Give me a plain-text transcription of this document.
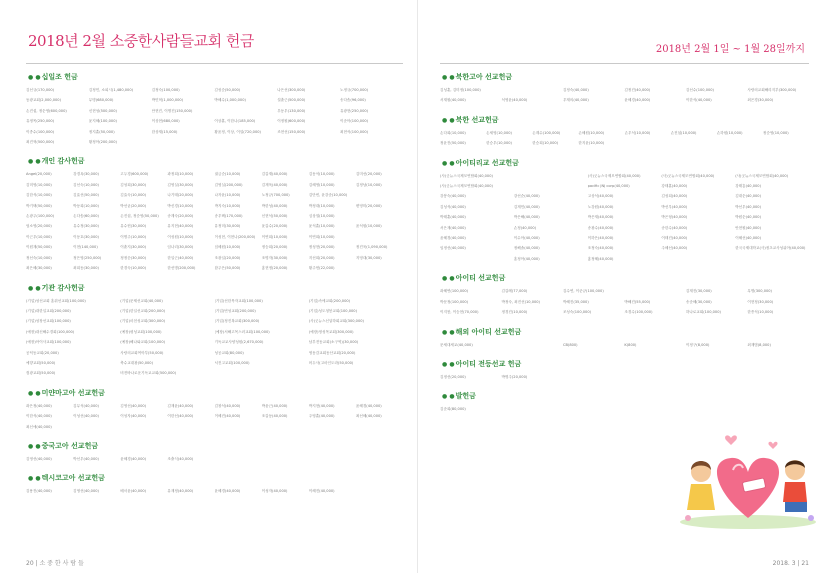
2018년 2월 소중한사람들교회 헌금
● ●십일조 헌금
김선규(170,000)	김정민, 소피시(1,480,000)	김정숙(100,000)	김성순(50,000)	나은선(300,000)	노정규(700,000)
동광교회(2,000,000)	무명(680,000)	박민혁(1,000,000)	박혜수(1,000,000)	설춘근(500,000)	송다솜(96,000)
손진섭, 정순영(600,000)	신현성(500,000)	안현진, 이명진(150,000)	우동우(130,000)	유광현(250,000)
유정목(250,000)	윤지혜(100,000)	이상현(680,000)	이상훈, 이한나(185,000)	이정원(600,000)	이준아(100,000)
이종수(100,000)	정지훈(50,000)	한상재(15,000)	황윤정, 이상, 이설(720,000)	조현선(150,000)	최현석(100,000)
최진혁(500,000)	황정아(200,000)
● ●개인 감사헌금
Angel(20,000)	강경옥(30,000)	고두경(600,000)	곽정희(10,000)	권금순(10,000)	김갑재(40,000)	김동석(10,000)	김미선(20,000)
김미영(10,000)	김선숙(10,000)	김성희(30,000)	김영실(30,000)	김영실(200,000)	김재욱(40,000)	김혜영(10,000)	김정남(10,000)
김한석(10,000)	김효선(50,000)	김효숙(10,000)	나기태(20,000)	나자윤(10,000)	노정규(700,000)	김단빈, 윤강준(10,000)
박기택(50,000)	박동희(10,000)	박선균(20,000)	박신경(10,000)	박지숙(10,000)	박한성(40,000)	박정대(10,000)	변영미(20,000)
손광주(100,000)	손다솜(60,000)	손진섭, 정순영(50,000)	송계숙(20,000)	송우택(170,000)	신현석(50,000)	심상열(10,000)
엄소영(20,000)	유수정(30,000)	유수헌(30,000)	유지현(40,000)	유정미(30,000)	윤갑수(20,000)	윤석훈(10,000)	윤석원(10,000)
이근우(10,000)	이동호(30,000)	이명주(10,000)	이성원(10,000)	이성현, 이현나(200,000)	이연희(10,000)	이연희(10,000)
이원재(50,000)	이현(140,000)	이춘지(30,000)	임나리(30,000)	임혜원(10,000)	정승희(20,000)	정성현(20,000)	정진욱(1,090,000)
정선숙(10,000)	정은영(250,000)	정정순(30,000)	한일근(40,000)	조광일(20,000)	조명자(30,000)	지선희(20,000)	지영대(30,000)
최은혜(30,000)	최희동(30,000)	한경숙(10,000)	한선명(200,000)	함주은(50,000)	홍현정(20,000)	황주헌(22,000)
● ●기관 감사헌금
(기업)성선교회 홍취선교회(100,000)	(기업)문제선교회(40,000)	(기업)선한목자교회(100,000)	(기업)속에교회(200,000)
(기업)대한일교회(200,000)	(기업)한일선교회(200,000)	(기업)번성교회(200,000)	(기업)성도청봉교회(100,000)
(기업)성장선교회(100,000)	(기업)마천성교회(300,000)	(기업)정진복교회(300,000)	(사)굿뉴스신앙하회교회(300,000)
(예장)대신해수경회(100,000)	(예장)평성교회(100,000)	(예장)서해고목스러교회(100,000)	(예장)영성목교회(300,000)
(예장)아이사교회(100,000)	(예장)해나와교회(100,000)	기독교교사양성원(2,670,000)	남부전동교회(소구역)(30,000)
공덕동교회(20,000)	사랑의교회여아부(50,000)	성공교회(80,000)	영동감교회동산교회(20,000)
예향교회(50,000)	축수교대광(50,000)	서진고교회(100,000)	어두사(고마인도라(50,000)
컴광교회(50,000)	비전바나로운기독교교회(500,000)
● ●미얀마고아 선교헌금
곽은정(40,000)	김무석(40,000)	김영선(40,000)	김재윤(40,000)	김창석(40,000)	박윤근(40,000)	박지현(40,000)	윤혜경(40,000)
이한석(40,000)	이성선(40,000)	이성자(40,000)	이한선(40,000)	이혜진(40,000)	조갑동(40,000)	주영훈(40,000)	최선혜(40,000)
최신애(40,000)
● ●중국고아 선교헌금
김영선(40,000)	박선우(40,000)	윤혜경(40,000)	조출식(40,000)
● ●텍시코고아 선교헌금
김용진(40,000)	김영선(40,000)	배서윤(40,000)	유재정(40,000)	윤혜경(40,000)	이성자(40,000)	이혜진(40,000)
20 | 소 중 한 사 람 들
2018년 2월 1일 ~ 1월 28일까지
● ●북한고아 선교헌금
김성훈, 김미정(100,000)	김정숙(40,000)	김정진(40,000)	김선수(100,000)	사랑의교회해리지부(300,000)
서재원(40,000)	석영윤(40,000)	우재의(40,000)	윤혜경(40,000)	이한석(40,000)	최은경(30,000)
● ●북한 선교헌금
손다희(10,000)	손세영(10,000)	손계수(100,000)	손혜원(10,000)	손우석(10,000)	손진섭(10,000)	손하원(10,000)	정순영(10,000)
정윤진(50,000)	한승우(10,000)	한승희(10,000)	한지윤(10,000)
● ●아이티리교 선교헌금
(사)굿뉴스국제모연합회(40,000)	(사)굿뉴스국제모연합회(40,000)	(사)굿뉴스국제모연합회(40,000)	(사)굿뉴스국제모연합회(40,000)
(사)굿뉴스국제모연합회(40,000)	pacific JNJ corp(40,000)	강태훈(40,000)	강태흥(40,000)
강봉숙(40,000)	강선순(40,000)	고상석(40,000)	김성희(40,000)	김대순(40,000)
김성석(40,000)	김재민(40,000)	노강원(40,000)	박선우(40,000)	박선우(40,000)
박태훈(40,000)	박은해(40,000)	박은재(40,000)	박은형(40,000)	박원순(40,000)
서은재(40,000)	손정(40,000)	송광수(40,000)	송한수(40,000)	안현원(40,000)
윤혜경(40,000)	이수아(40,000)	이하은(40,000)	이태진(40,000)	이혜선(40,000)
임정선(40,000)	정해솔(40,000)	조정숙(40,000)	주혜선(40,000)	한국국제대학교(사)정초교사성위아(40,000)
홍정아(40,000)	홍정혜(40,000)
● ●아이티 선교헌금
곽혜연(100,000)	김갑례(77,000)	김수연, 이준규(100,000)	김재진(30,000)	무명(300,000)
박문정(100,000)	박정숙, 최진선(10,000)	박혜진(35,000)	박해진(55,000)	송준혜(30,000)	이현정(30,000)
이지봉, 이승현(70,000)	정경진(10,000)	조성숙(100,000)	조경수(100,000)	하나로교회(100,000)	한종석(10,000)
● ●해외 아이티 선교헌금
문세대세교(40,000)	CB(800)	K(800)	이정구(8,000)	최재범(8,000)
● ●아이티 전등선교 헌금
김정선(20,000)	박명주(20,000)
● ●발헌금
김준희(80,000)
2018. 3 | 21
